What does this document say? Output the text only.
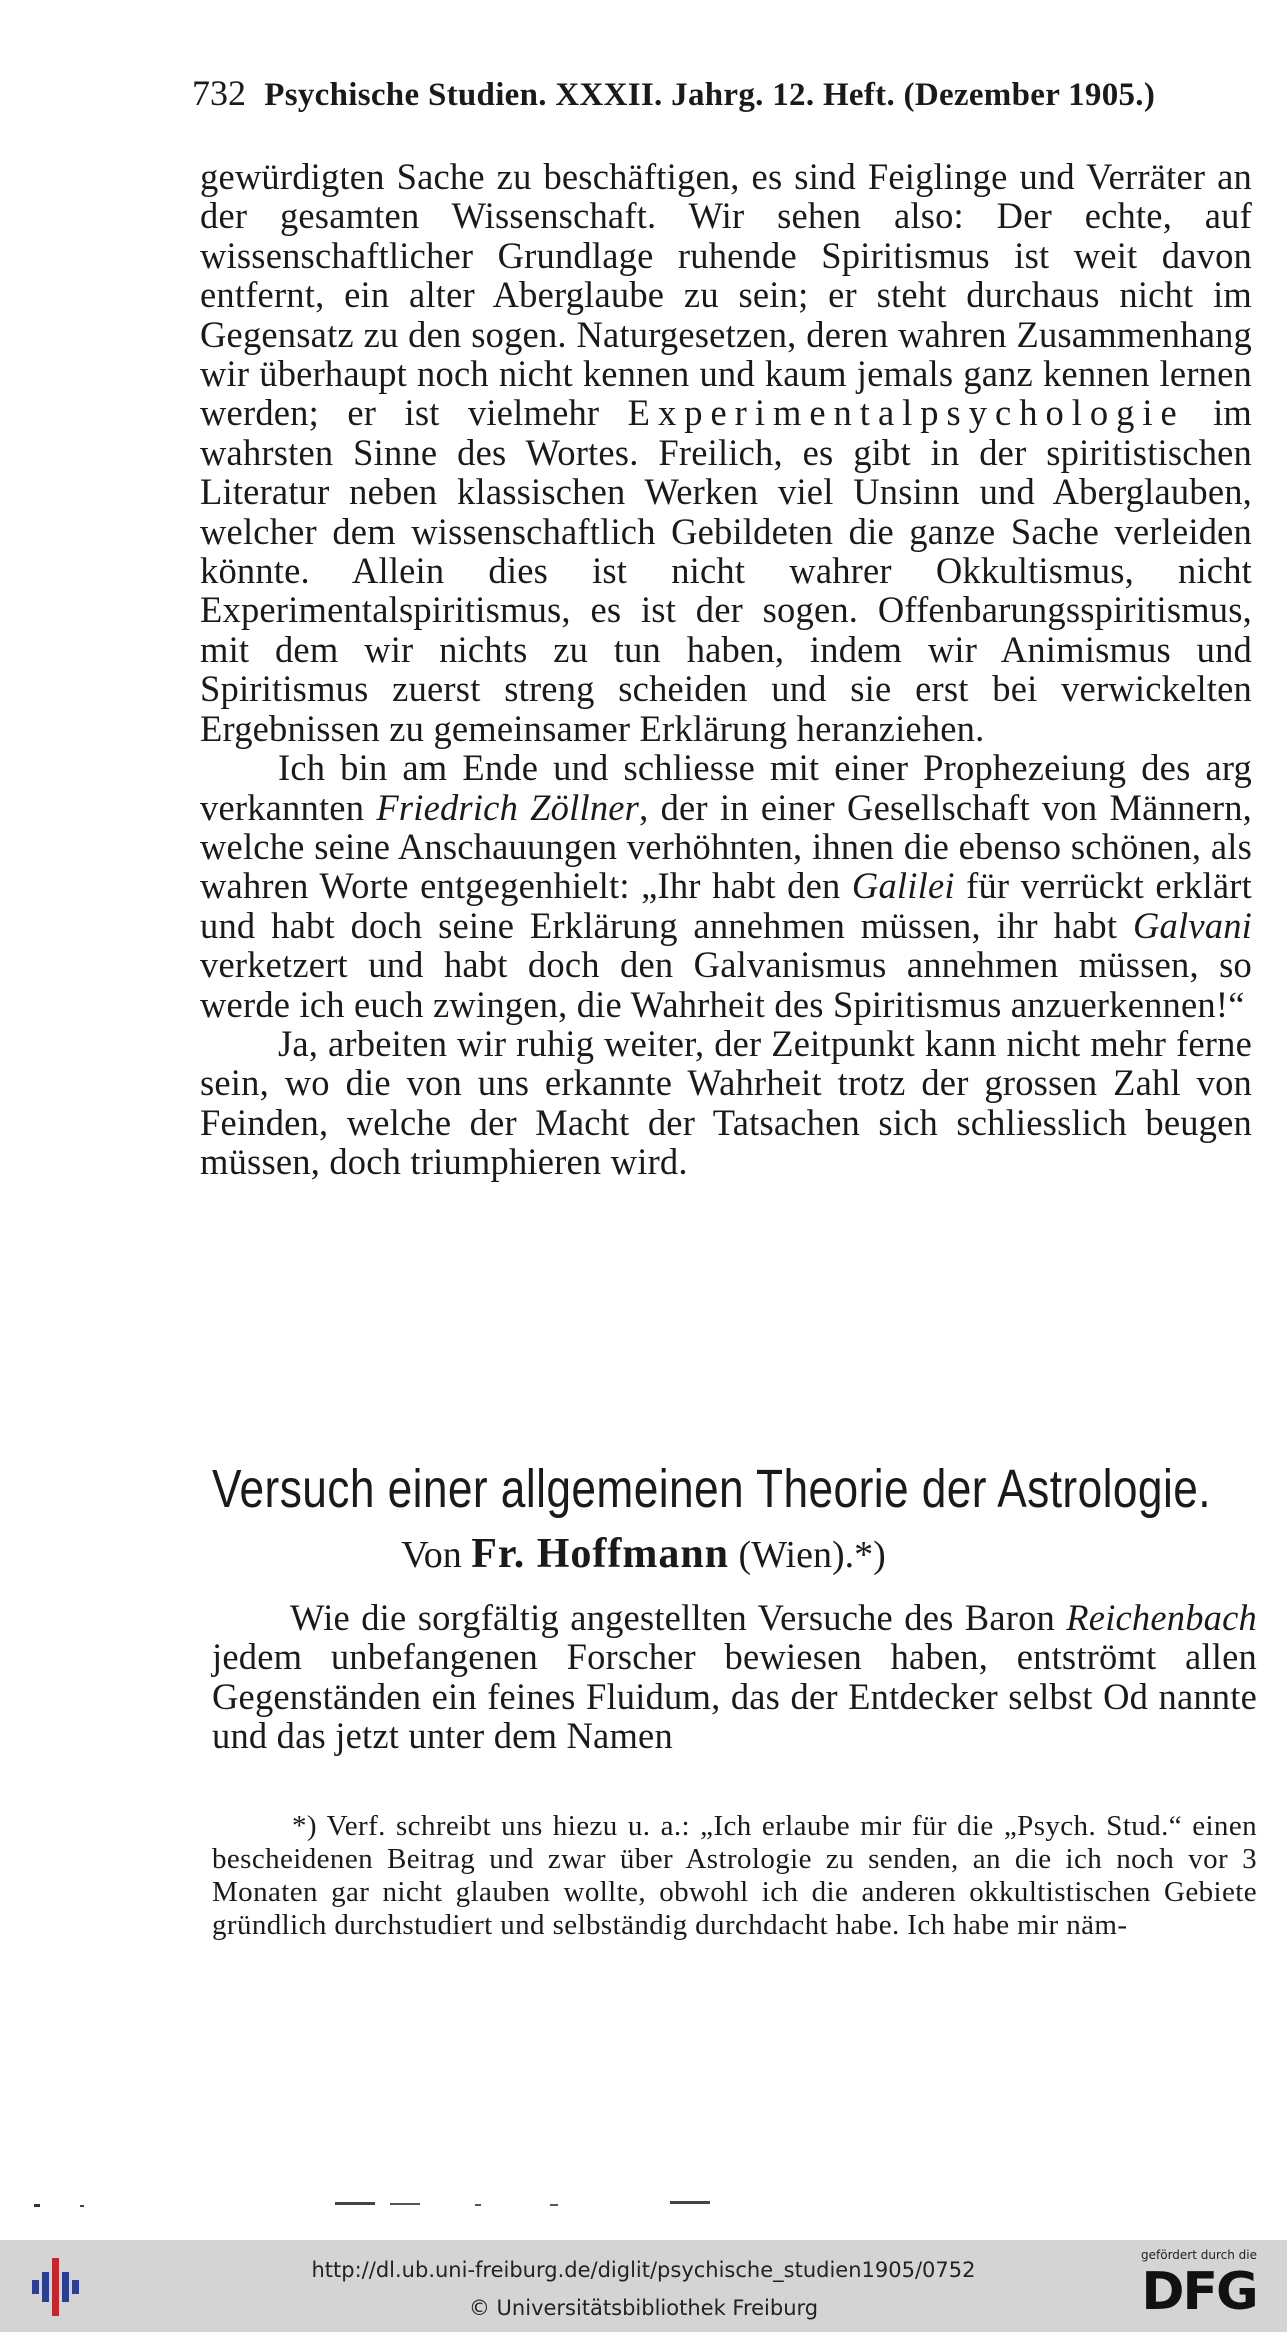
732 Psychische Studien. XXXII. Jahrg. 12. Heft. (Dezember 1905.)

gewürdigten Sache zu beschäftigen, es sind Feiglinge und Verräter an der gesamten Wissenschaft. Wir sehen also: Der echte, auf wissenschaftlicher Grundlage ruhende Spiritismus ist weit davon entfernt, ein alter Aberglaube zu sein; er steht durchaus nicht im Gegensatz zu den sogen. Naturgesetzen, deren wahren Zusammenhang wir überhaupt noch nicht kennen und kaum jemals ganz kennen lernen werden; er ist vielmehr Experimentalpsychologie im wahrsten Sinne des Wortes. Freilich, es gibt in der spiritistischen Literatur neben klassischen Werken viel Unsinn und Aberglauben, welcher dem wissenschaftlich Gebildeten die ganze Sache verleiden könnte. Allein dies ist nicht wahrer Okkultismus, nicht Experimentalspiritismus, es ist der sogen. Offenbarungsspiritismus, mit dem wir nichts zu tun haben, indem wir Animismus und Spiritismus zuerst streng scheiden und sie erst bei verwickelten Ergebnissen zu gemeinsamer Erklärung heranziehen.

Ich bin am Ende und schliesse mit einer Prophezeiung des arg verkannten Friedrich Zöllner, der in einer Gesellschaft von Männern, welche seine Anschauungen verhöhnten, ihnen die ebenso schönen, als wahren Worte entgegenhielt: „Ihr habt den Galilei für verrückt erklärt und habt doch seine Erklärung annehmen müssen, ihr habt Galvani verketzert und habt doch den Galvanismus annehmen müssen, so werde ich euch zwingen, die Wahrheit des Spiritismus anzuerkennen!“

Ja, arbeiten wir ruhig weiter, der Zeitpunkt kann nicht mehr ferne sein, wo die von uns erkannte Wahrheit trotz der grossen Zahl von Feinden, welche der Macht der Tatsachen sich schliesslich beugen müssen, doch triumphieren wird.

Versuch einer allgemeinen Theorie der Astrologie.
Von Fr. Hoffmann (Wien).*)

Wie die sorgfältig angestellten Versuche des Baron Reichenbach jedem unbefangenen Forscher bewiesen haben, entströmt allen Gegenständen ein feines Fluidum, das der Entdecker selbst Od nannte und das jetzt unter dem Namen

*) Verf. schreibt uns hiezu u. a.: „Ich erlaube mir für die „Psych. Stud.“ einen bescheidenen Beitrag und zwar über Astrologie zu senden, an die ich noch vor 3 Monaten gar nicht glauben wollte, obwohl ich die anderen okkultistischen Gebiete gründlich durchstudiert und selbständig durchdacht habe. Ich habe mir näm-

http://dl.ub.uni-freiburg.de/diglit/psychische_studien1905/0752
© Universitätsbibliothek Freiburg
gefördert durch die
DFG
